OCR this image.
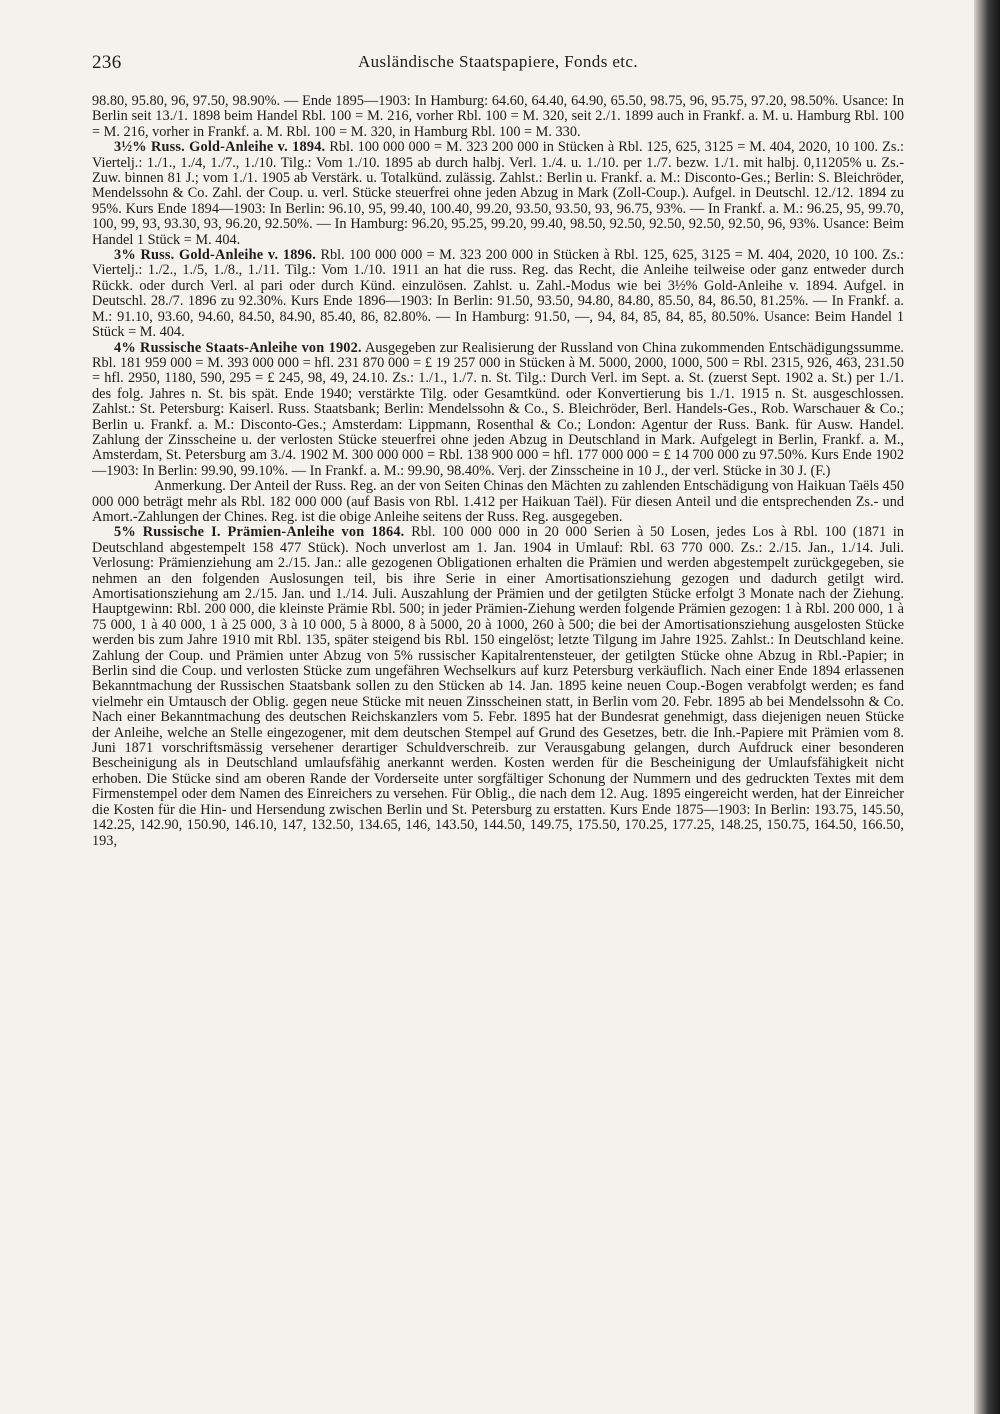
236	Ausländische Staatspapiere, Fonds etc.

98.80, 95.80, 96, 97.50, 98.90%. — Ende 1895—1903: In Hamburg: 64.60, 64.40, 64.90, 65.50, 98.75, 96, 95.75, 97.20, 98.50%. Usance: In Berlin seit 13./1. 1898 beim Handel Rbl. 100 = M. 216, vorher Rbl. 100 = M. 320, seit 2./1. 1899 auch in Frankf. a. M. u. Hamburg Rbl. 100 = M. 216, vorher in Frankf. a. M. Rbl. 100 = M. 320, in Hamburg Rbl. 100 = M. 330.

3½% Russ. Gold-Anleihe v. 1894. Rbl. 100 000 000 = M. 323 200 000 in Stücken à Rbl. 125, 625, 3125 = M. 404, 2020, 10 100. Zs.: Viertelj.: 1./1., 1./4, 1./7., 1./10. Tilg.: Vom 1./10. 1895 ab durch halbj. Verl. 1./4. u. 1./10. per 1./7. bezw. 1./1. mit halbj. 0,11205% u. Zs.-Zuw. binnen 81 J.; vom 1./1. 1905 ab Verstärk. u. Totalkünd. zulässig. Zahlst.: Berlin u. Frankf. a. M.: Disconto-Ges.; Berlin: S. Bleichröder, Mendelssohn & Co. Zahl. der Coup. u. verl. Stücke steuerfrei ohne jeden Abzug in Mark (Zoll-Coup.). Aufgel. in Deutschl. 12./12. 1894 zu 95%. Kurs Ende 1894—1903: In Berlin: 96.10, 95, 99.40, 100.40, 99.20, 93.50, 93.50, 93, 96.75, 93%. — In Frankf. a. M.: 96.25, 95, 99.70, 100, 99, 93, 93.30, 93, 96.20, 92.50%. — In Hamburg: 96.20, 95.25, 99.20, 99.40, 98.50, 92.50, 92.50, 92.50, 92.50, 96, 93%. Usance: Beim Handel 1 Stück = M. 404.

3% Russ. Gold-Anleihe v. 1896. Rbl. 100 000 000 = M. 323 200 000 in Stücken à Rbl. 125, 625, 3125 = M. 404, 2020, 10 100. Zs.: Viertelj.: 1./2., 1./5, 1./8., 1./11. Tilg.: Vom 1./10. 1911 an hat die russ. Reg. das Recht, die Anleihe teilweise oder ganz entweder durch Rückk. oder durch Verl. al pari oder durch Künd. einzulösen. Zahlst. u. Zahl.-Modus wie bei 3½% Gold-Anleihe v. 1894. Aufgel. in Deutschl. 28./7. 1896 zu 92.30%. Kurs Ende 1896—1903: In Berlin: 91.50, 93.50, 94.80, 84.80, 85.50, 84, 86.50, 81.25%. — In Frankf. a. M.: 91.10, 93.60, 94.60, 84.50, 84.90, 85.40, 86, 82.80%. — In Hamburg: 91.50, —, 94, 84, 85, 84, 85, 80.50%. Usance: Beim Handel 1 Stück = M. 404.

4% Russische Staats-Anleihe von 1902. Ausgegeben zur Realisierung der Russland von China zukommenden Entschädigungssumme. Rbl. 181 959 000 = M. 393 000 000 = hfl. 231 870 000 = £ 19 257 000 in Stücken à M. 5000, 2000, 1000, 500 = Rbl. 2315, 926, 463, 231.50 = hfl. 2950, 1180, 590, 295 = £ 245, 98, 49, 24.10. Zs.: 1./1., 1./7. n. St. Tilg.: Durch Verl. im Sept. a. St. (zuerst Sept. 1902 a. St.) per 1./1. des folg. Jahres n. St. bis spät. Ende 1940; verstärkte Tilg. oder Gesamtkünd. oder Konvertierung bis 1./1. 1915 n. St. ausgeschlossen. Zahlst.: St. Petersburg: Kaiserl. Russ. Staatsbank; Berlin: Mendelssohn & Co., S. Bleichröder, Berl. Handels-Ges., Rob. Warschauer & Co.; Berlin u. Frankf. a. M.: Disconto-Ges.; Amsterdam: Lippmann, Rosenthal & Co.; London: Agentur der Russ. Bank. für Ausw. Handel. Zahlung der Zinsscheine u. der verlosten Stücke steuerfrei ohne jeden Abzug in Deutschland in Mark. Aufgelegt in Berlin, Frankf. a. M., Amsterdam, St. Petersburg am 3./4. 1902 M. 300 000 000 = Rbl. 138 900 000 = hfl. 177 000 000 = £ 14 700 000 zu 97.50%. Kurs Ende 1902—1903: In Berlin: 99.90, 99.10%. — In Frankf. a. M.: 99.90, 98.40%. Verj. der Zinsscheine in 10 J., der verl. Stücke in 30 J. (F.)

Anmerkung. Der Anteil der Russ. Reg. an der von Seiten Chinas den Mächten zu zahlenden Entschädigung von Haikuan Taëls 450 000 000 beträgt mehr als Rbl. 182 000 000 (auf Basis von Rbl. 1.412 per Haikuan Taël). Für diesen Anteil und die entsprechenden Zs.- und Amort.-Zahlungen der Chines. Reg. ist die obige Anleihe seitens der Russ. Reg. ausgegeben.

5% Russische I. Prämien-Anleihe von 1864. Rbl. 100 000 000 in 20 000 Serien à 50 Losen, jedes Los à Rbl. 100 (1871 in Deutschland abgestempelt 158 477 Stück). Noch unverlost am 1. Jan. 1904 in Umlauf: Rbl. 63 770 000. Zs.: 2./15. Jan., 1./14. Juli. Verlosung: Prämienziehung am 2./15. Jan.: alle gezogenen Obligationen erhalten die Prämien und werden abgestempelt zurückgegeben, sie nehmen an den folgenden Auslosungen teil, bis ihre Serie in einer Amortisationsziehung gezogen und dadurch getilgt wird. Amortisationsziehung am 2./15. Jan. und 1./14. Juli. Auszahlung der Prämien und der getilgten Stücke erfolgt 3 Monate nach der Ziehung. Hauptgewinn: Rbl. 200 000, die kleinste Prämie Rbl. 500; in jeder Prämien-Ziehung werden folgende Prämien gezogen: 1 à Rbl. 200 000, 1 à 75 000, 1 à 40 000, 1 à 25 000, 3 à 10 000, 5 à 8000, 8 à 5000, 20 à 1000, 260 à 500; die bei der Amortisationsziehung ausgelosten Stücke werden bis zum Jahre 1910 mit Rbl. 135, später steigend bis Rbl. 150 eingelöst; letzte Tilgung im Jahre 1925. Zahlst.: In Deutschland keine. Zahlung der Coup. und Prämien unter Abzug von 5% russischer Kapitalrentensteuer, der getilgten Stücke ohne Abzug in Rbl.-Papier; in Berlin sind die Coup. und verlosten Stücke zum ungefähren Wechselkurs auf kurz Petersburg verkäuflich. Nach einer Ende 1894 erlassenen Bekanntmachung der Russischen Staatsbank sollen zu den Stücken ab 14. Jan. 1895 keine neuen Coup.-Bogen verabfolgt werden; es fand vielmehr ein Umtausch der Oblig. gegen neue Stücke mit neuen Zinsscheinen statt, in Berlin vom 20. Febr. 1895 ab bei Mendelssohn & Co. Nach einer Bekanntmachung des deutschen Reichskanzlers vom 5. Febr. 1895 hat der Bundesrat genehmigt, dass diejenigen neuen Stücke der Anleihe, welche an Stelle eingezogener, mit dem deutschen Stempel auf Grund des Gesetzes, betr. die Inh.-Papiere mit Prämien vom 8. Juni 1871 vorschriftsmässig versehener derartiger Schuldverschreib. zur Verausgabung gelangen, durch Aufdruck einer besonderen Bescheinigung als in Deutschland umlaufsfähig anerkannt werden. Kosten werden für die Bescheinigung der Umlaufsfähigkeit nicht erhoben. Die Stücke sind am oberen Rande der Vorderseite unter sorgfältiger Schonung der Nummern und des gedruckten Textes mit dem Firmenstempel oder dem Namen des Einreichers zu versehen. Für Oblig., die nach dem 12. Aug. 1895 eingereicht werden, hat der Einreicher die Kosten für die Hin- und Hersendung zwischen Berlin und St. Petersburg zu erstatten. Kurs Ende 1875—1903: In Berlin: 193.75, 145.50, 142.25, 142.90, 150.90, 146.10, 147, 132.50, 134.65, 146, 143.50, 144.50, 149.75, 175.50, 170.25, 177.25, 148.25, 150.75, 164.50, 166.50, 193,
